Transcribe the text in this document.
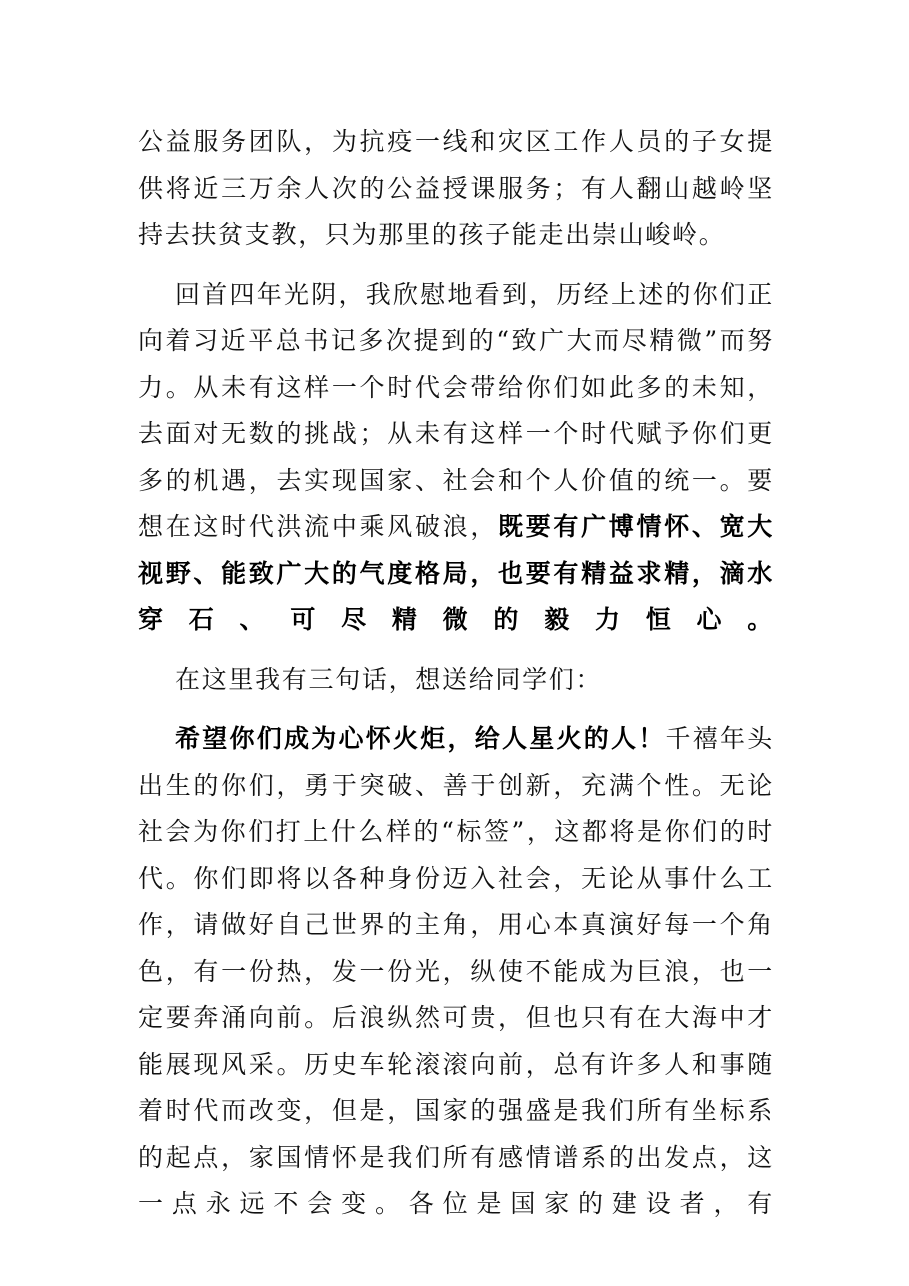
公益服务团队，为抗疫一线和灾区工作人员的子女提供将近三万余人次的公益授课服务；有人翻山越岭坚持去扶贫支教，只为那里的孩子能走出崇山峻岭。

回首四年光阴，我欣慰地看到，历经上述的你们正向着习近平总书记多次提到的“致广大而尽精微”而努力。从未有这样一个时代会带给你们如此多的未知，去面对无数的挑战；从未有这样一个时代赋予你们更多的机遇，去实现国家、社会和个人价值的统一。要想在这时代洪流中乘风破浪，既要有广博情怀、宽大视野、能致广大的气度格局，也要有精益求精，滴水穿石、可尽精微的毅力恒心。

在这里我有三句话，想送给同学们：

希望你们成为心怀火炬，给人星火的人！千禧年头出生的你们，勇于突破、善于创新，充满个性。无论社会为你们打上什么样的“标签”，这都将是你们的时代。你们即将以各种身份迈入社会，无论从事什么工作，请做好自己世界的主角，用心本真演好每一个角色，有一份热，发一份光，纵使不能成为巨浪，也一定要奔涌向前。后浪纵然可贵，但也只有在大海中才能展现风采。历史车轮滚滚向前，总有许多人和事随着时代而改变，但是，国家的强盛是我们所有坐标系的起点，家国情怀是我们所有感情谱系的出发点，这一点永远不会变。各位是国家的建设者，有
